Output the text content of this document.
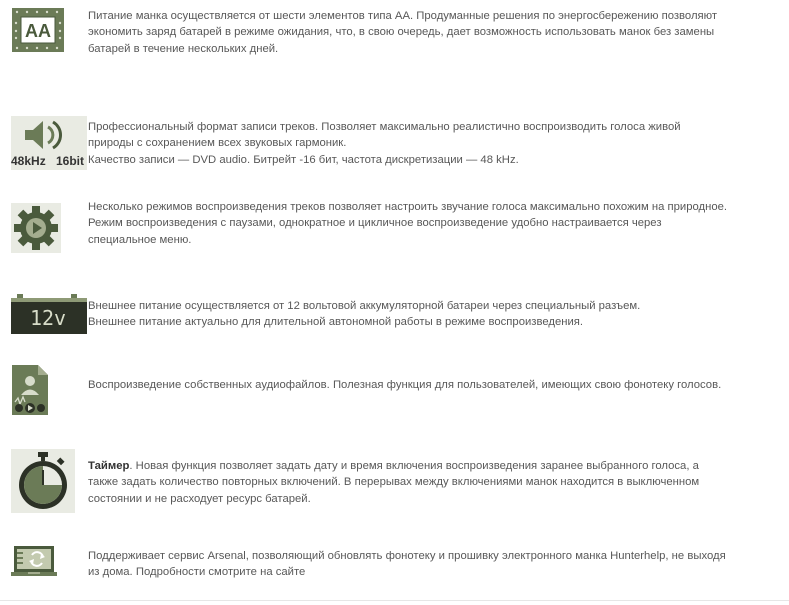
AA

Питание манка осуществляется от шести элементов типа АА. Продуманные решения по энергосбережению позволяют экономить заряд батарей в режиме ожидания, что, в свою очередь, дает возможность использовать манок без замены батарей в течение нескольких дней.

48kHz 16bit

Профессиональный формат записи треков. Позволяет максимально реалистично воспроизводить голоса живой природы с сохранением всех звуковых гармоник.

Качество записи — DVD audio. Битрейт -16 бит, частота дискретизации — 48 kHz.

Несколько режимов воспроизведения треков позволяет настроить звучание голоса максимально похожим на природное.

Режим воспроизведения с паузами, однократное и цикличное воспроизведение удобно настраивается через специальное меню.

12v Внешнее питание осуществляется от 12 вольтовой аккумуляторной батареи через специальный разъем.

Внешнее питание актуально для длительной автономной работы в режиме воспроизведения.

Воспроизведение собственных аудиофайлов. Полезная функция для пользователей, имеющих свою фонотеку голосов.

Таймер. Новая функция позволяет задать дату и время включения воспроизведения заранее выбранного голоса, а также задать количество повторных включений. В перерывах между включениями манок находится в выключенном состоянии и не расходует ресурс батарей.

Поддерживает сервис Arsenal, позволяющий обновлять фонотеку и прошивку электронного манка Hunterhelp, не выходя из дома. Подробности смотрите на сайте
